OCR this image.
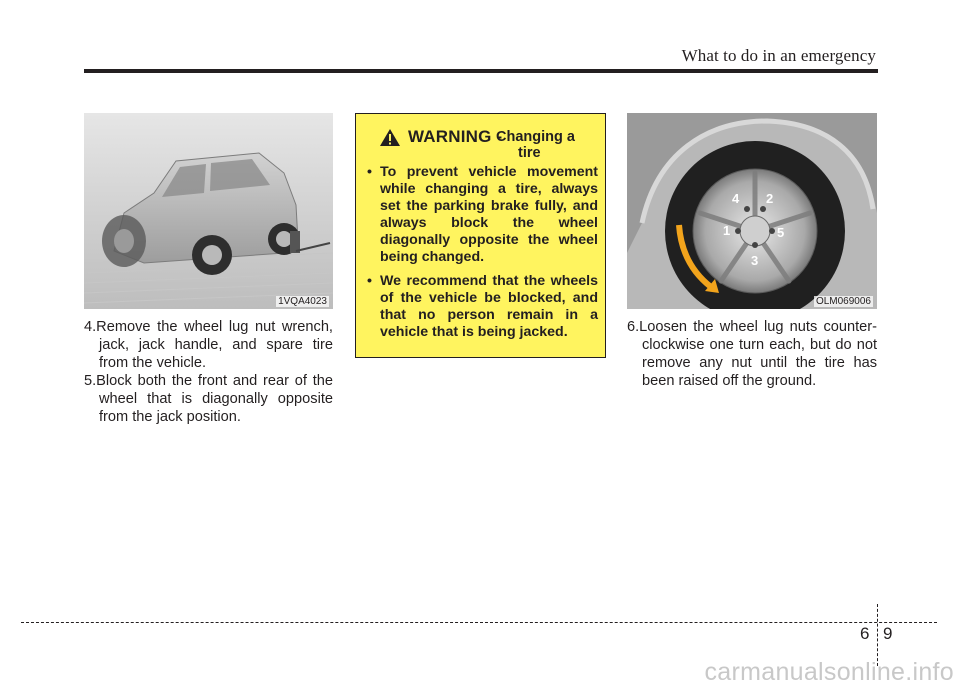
What to do in an emergency
1VQA4023

4.Remove the wheel lug nut wrench, jack, jack handle, and spare tire from the vehicle.

5.Block both the front and rear of the wheel that is diagonally opposite from the jack position.

WARNING -
Changing a
tire
• To prevent vehicle movement while changing a tire, always set the parking brake fully, and always block the wheel diagonally opposite the wheel being changed.
• We recommend that the wheels of the vehicle be blocked, and that no person remain in a vehicle that is being jacked.
1
2
3
4
5
OLM069006

6.Loosen the wheel lug nuts counter-clockwise one turn each, but do not remove any nut until the tire has been raised off the ground.

6 9
carmanualsonline.info
